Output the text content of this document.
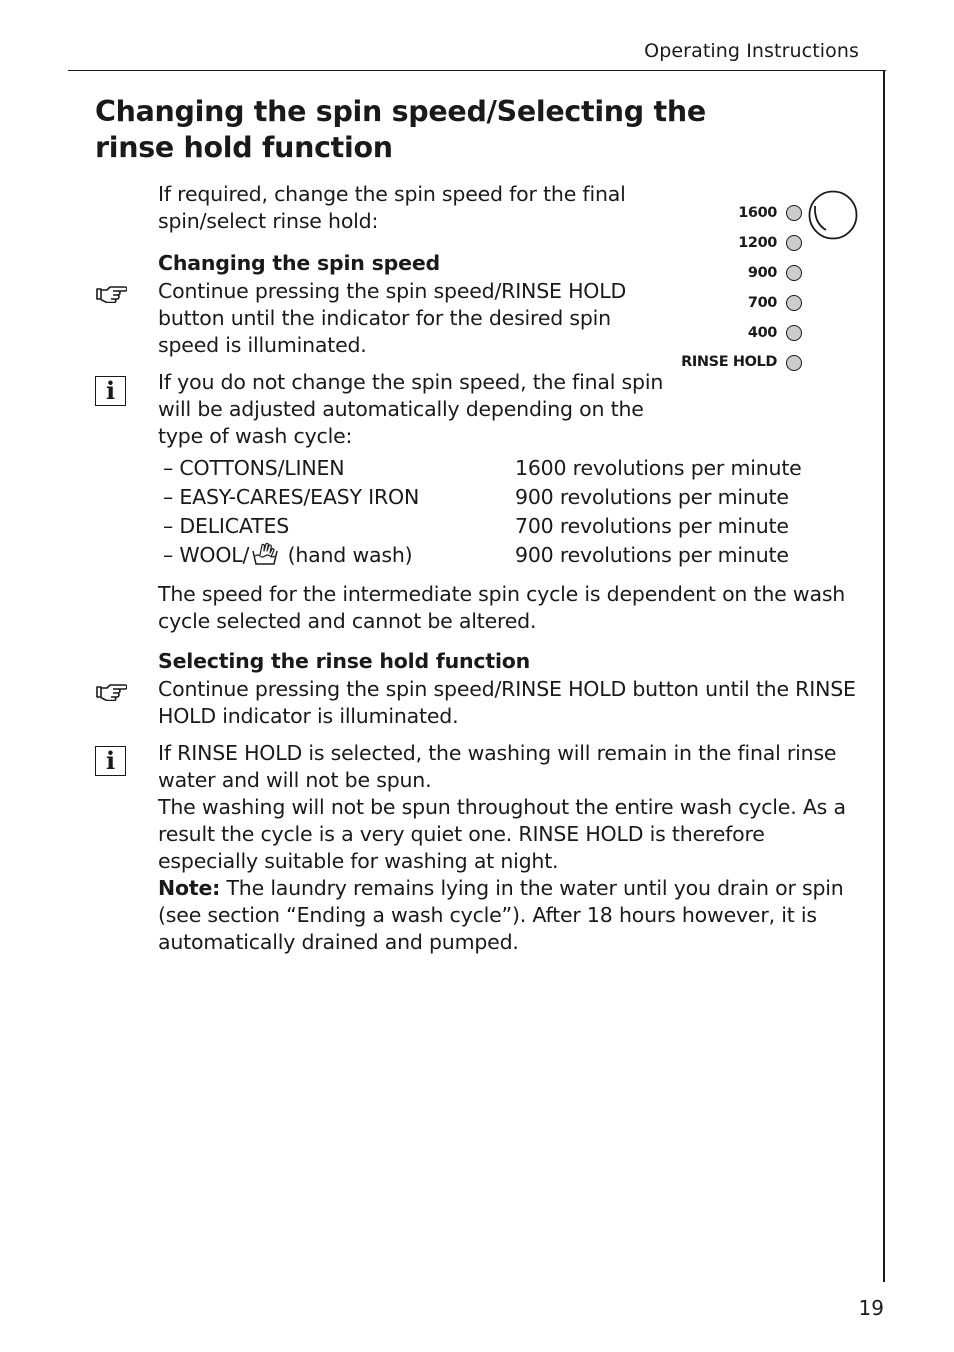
Operating Instructions
Changing the spin speed/Selecting the rinse hold function
If required, change the spin speed for the final spin/select rinse hold:	1600
1200
900
700
400
RINSE HOLD
Changing the spin speed
Continue pressing the spin speed/RINSE HOLD button until the indicator for the desired spin speed is illuminated.
i	If you do not change the spin speed, the final spin will be adjusted automatically depending on the type of wash cycle:
– COTTONS/LINEN	1600 revolutions per minute
– EASY-CARES/EASY IRON	900 revolutions per minute
– DELICATES	700 revolutions per minute
– WOOL/ (hand wash)	900 revolutions per minute
The speed for the intermediate spin cycle is dependent on the wash cycle selected and cannot be altered.
Selecting the rinse hold function
Continue pressing the spin speed/RINSE HOLD button until the RINSE HOLD indicator is illuminated.
i	If RINSE HOLD is selected, the washing will remain in the final rinse water and will not be spun.
The washing will not be spun throughout the entire wash cycle. As a result the cycle is a very quiet one. RINSE HOLD is therefore especially suitable for washing at night.
Note: The laundry remains lying in the water until you drain or spin (see section “Ending a wash cycle”). After 18 hours however, it is automatically drained and pumped.
19
